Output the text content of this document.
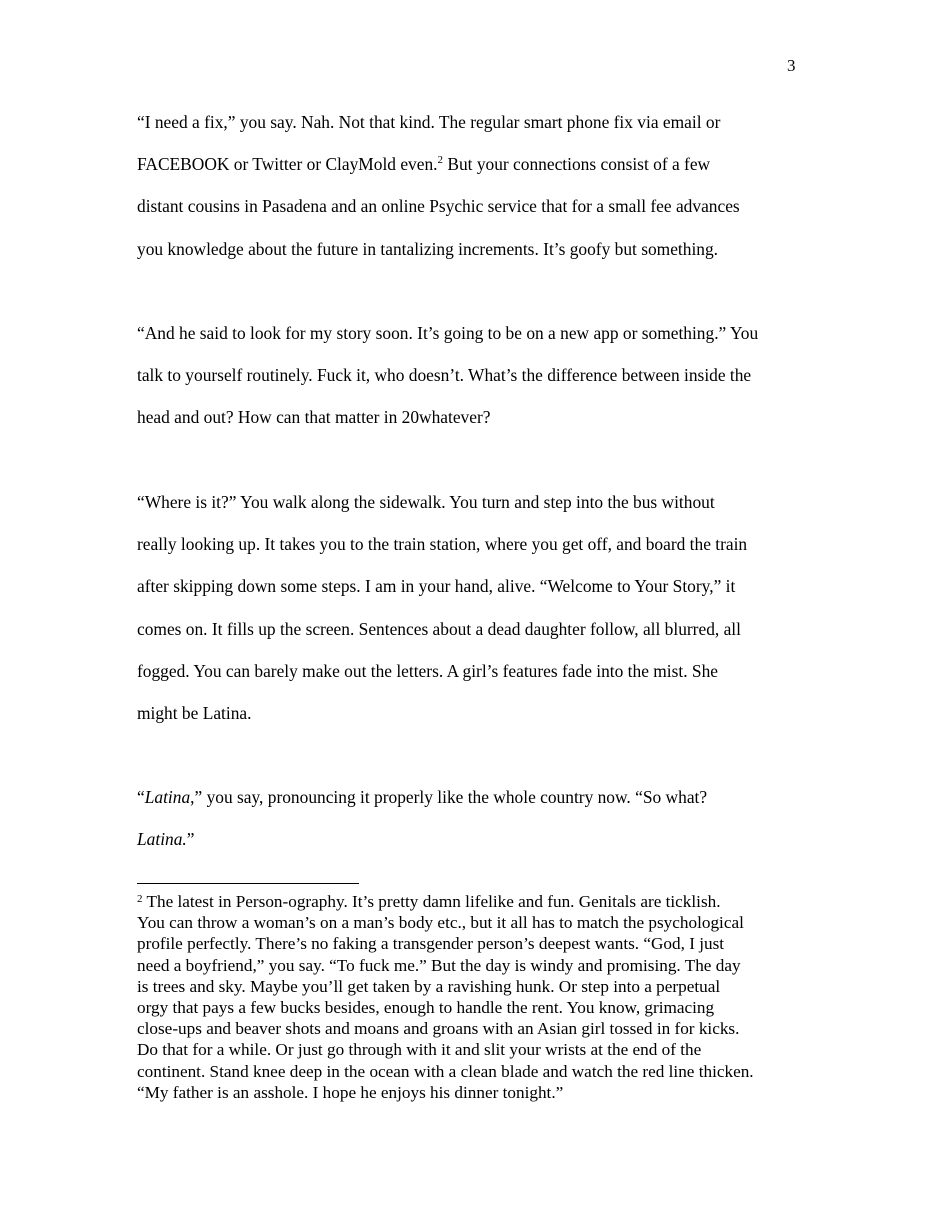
3
“I need a fix,” you say. Nah. Not that kind. The regular smart phone fix via email or
FACEBOOK or Twitter or ClayMold even.$^2$ But your connections consist of a few
distant cousins in Pasadena and an online Psychic service that for a small fee advances
you knowledge about the future in tantalizing increments. It’s goofy but something.
“And he said to look for my story soon. It’s going to be on a new app or something.” You
talk to yourself routinely. Fuck it, who doesn’t. What’s the difference between inside the
head and out? How can that matter in 20whatever?
“Where is it?” You walk along the sidewalk. You turn and step into the bus without
really looking up. It takes you to the train station, where you get off, and board the train
after skipping down some steps. I am in your hand, alive. “Welcome to Your Story,” it
comes on. It fills up the screen. Sentences about a dead daughter follow, all blurred, all
fogged. You can barely make out the letters. A girl’s features fade into the mist. She
might be Latina.
“Latina,” you say, pronouncing it properly like the whole country now. “So what?
Latina.”
$^2$ The latest in Person-ography. It’s pretty damn lifelike and fun. Genitals are ticklish.
You can throw a woman’s on a man’s body etc., but it all has to match the psychological
profile perfectly. There’s no faking a transgender person’s deepest wants. “God, I just
need a boyfriend,” you say. “To fuck me.” But the day is windy and promising. The day
is trees and sky. Maybe you’ll get taken by a ravishing hunk. Or step into a perpetual
orgy that pays a few bucks besides, enough to handle the rent. You know, grimacing
close-ups and beaver shots and moans and groans with an Asian girl tossed in for kicks.
Do that for a while. Or just go through with it and slit your wrists at the end of the
continent. Stand knee deep in the ocean with a clean blade and watch the red line thicken.
“My father is an asshole. I hope he enjoys his dinner tonight.”
